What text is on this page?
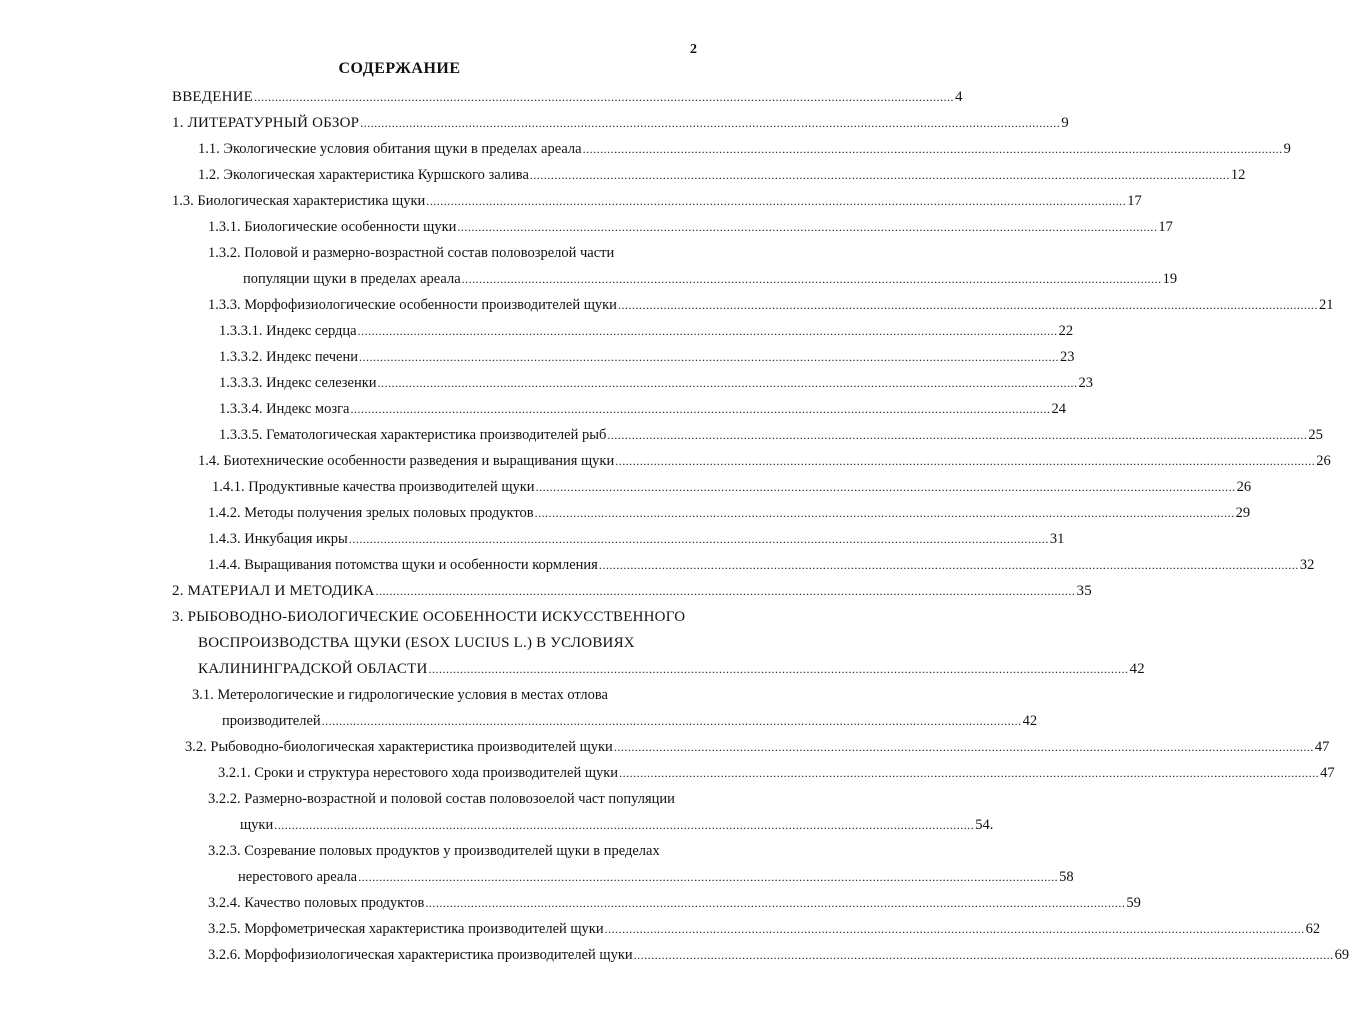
2
СОДЕРЖАНИЕ
ВВЕДЕНИЕ ........................................................................................................................................................................................................ 4
1. ЛИТЕРАТУРНЫЙ ОБЗОР ........................................................................................................................................................................................................ 9
1.1. Экологические условия обитания щуки в пределах ареала ........................................................................................................................................................................................................ 9
1.2. Экологическая характеристика Куршского залива ........................................................................................................................................................................................................ 12
1.3. Биологическая характеристика щуки ........................................................................................................................................................................................................ 17
1.3.1. Биологические особенности щуки ........................................................................................................................................................................................................ 17
1.3.2. Половой и размерно-возрастной состав половозрелой части
популяции щуки в пределах ареала ........................................................................................................................................................................................................ 19
1.3.3. Морфофизиологические особенности производителей щуки ........................................................................................................................................................................................................ 21
1.3.3.1. Индекс сердца ........................................................................................................................................................................................................ 22
1.3.3.2. Индекс печени ........................................................................................................................................................................................................ 23
1.3.3.3. Индекс селезенки ........................................................................................................................................................................................................ 23
1.3.3.4. Индекс мозга ........................................................................................................................................................................................................ 24
1.3.3.5. Гематологическая характеристика производителей рыб ........................................................................................................................................................................................................ 25
1.4. Биотехнические особенности разведения и выращивания щуки ........................................................................................................................................................................................................ 26
1.4.1. Продуктивные качества производителей щуки ........................................................................................................................................................................................................ 26
1.4.2. Методы получения зрелых половых продуктов ........................................................................................................................................................................................................ 29
1.4.3. Инкубация икры ........................................................................................................................................................................................................ 31
1.4.4. Выращивания потомства щуки и особенности кормления ........................................................................................................................................................................................................ 32
2. МАТЕРИАЛ И МЕТОДИКА ........................................................................................................................................................................................................ 35
3. РЫБОВОДНО-БИОЛОГИЧЕСКИЕ ОСОБЕННОСТИ ИСКУССТВЕННОГО
ВОСПРОИЗВОДСТВА ЩУКИ (ESOX LUCIUS L.) В УСЛОВИЯХ
КАЛИНИНГРАДСКОЙ ОБЛАСТИ ........................................................................................................................................................................................................ 42
3.1. Метерологические и гидрологические условия в местах отлова
производителей ........................................................................................................................................................................................................ 42
3.2. Рыбоводно-биологическая характеристика производителей щуки ........................................................................................................................................................................................................ 47
3.2.1. Сроки и структура нерестового хода производителей щуки ........................................................................................................................................................................................................ 47
3.2.2. Размерно-возрастной и половой состав половозоелой част популяции
щуки ........................................................................................................................................................................................................ 54.
3.2.3. Созревание половых продуктов у производителей щуки в пределах
нерестового ареала ........................................................................................................................................................................................................ 58
3.2.4. Качество половых продуктов ........................................................................................................................................................................................................ 59
3.2.5. Морфометрическая характеристика производителей щуки ........................................................................................................................................................................................................ 62
3.2.6. Морфофизиологическая характеристика производителей щуки ........................................................................................................................................................................................................ 69
